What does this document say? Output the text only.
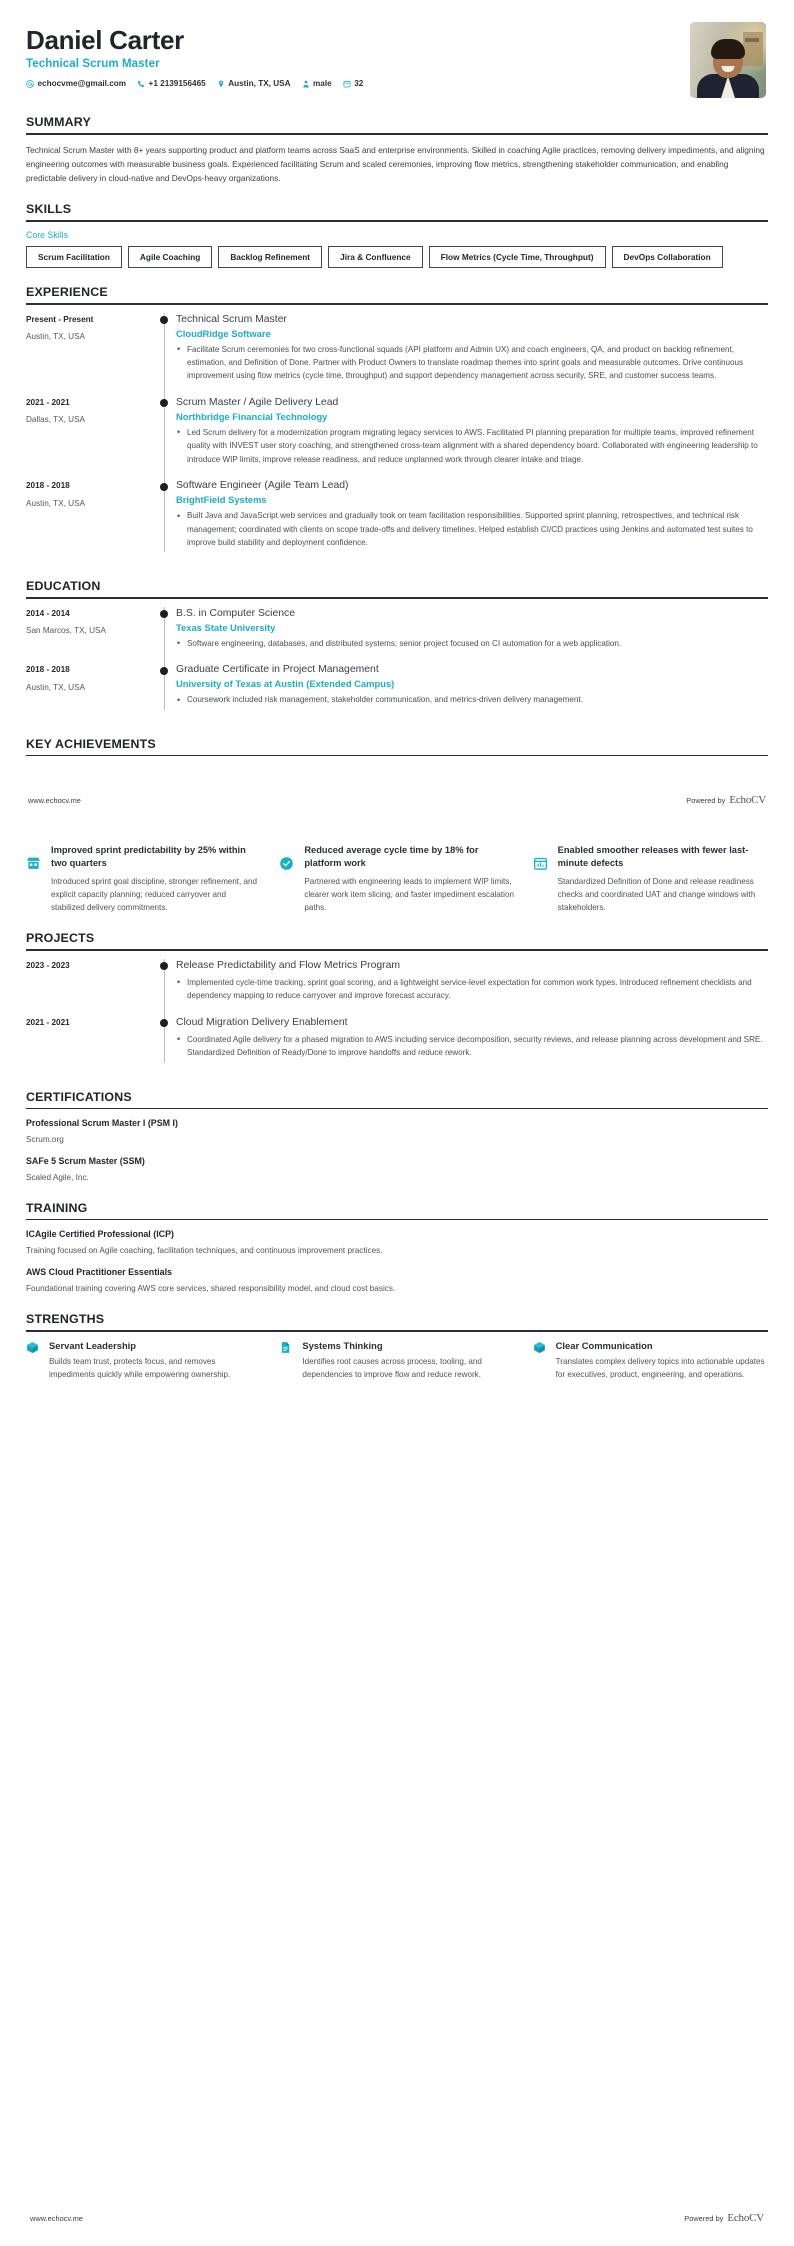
Daniel Carter
Technical Scrum Master
echocvme@gmail.com	+1 2139156465	Austin, TX, USA	male	32
SUMMARY
Technical Scrum Master with 8+ years supporting product and platform teams across SaaS and enterprise environments. Skilled in coaching Agile practices, removing delivery impediments, and aligning engineering outcomes with measurable business goals. Experienced facilitating Scrum and scaled ceremonies, improving flow metrics, strengthening stakeholder communication, and enabling predictable delivery in cloud-native and DevOps-heavy organizations.
SKILLS
Core Skills
Scrum Facilitation	Agile Coaching	Backlog Refinement	Jira & Confluence	Flow Metrics (Cycle Time, Throughput)	DevOps Collaboration
EXPERIENCE
Present - Present
Austin, TX, USA
Technical Scrum Master
CloudRidge Software
• Facilitate Scrum ceremonies for two cross-functional squads (API platform and Admin UX) and coach engineers, QA, and product on backlog refinement, estimation, and Definition of Done. Partner with Product Owners to translate roadmap themes into sprint goals and measurable outcomes. Drive continuous improvement using flow metrics (cycle time, throughput) and support dependency management across security, SRE, and customer success teams.
2021 - 2021
Dallas, TX, USA
Scrum Master / Agile Delivery Lead
Northbridge Financial Technology
• Led Scrum delivery for a modernization program migrating legacy services to AWS. Facilitated PI planning preparation for multiple teams, improved refinement quality with INVEST user story coaching, and strengthened cross-team alignment with a shared dependency board. Collaborated with engineering leadership to introduce WIP limits, improve release readiness, and reduce unplanned work through clearer intake and triage.
2018 - 2018
Austin, TX, USA
Software Engineer (Agile Team Lead)
BrightField Systems
• Built Java and JavaScript web services and gradually took on team facilitation responsibilities. Supported sprint planning, retrospectives, and technical risk management; coordinated with clients on scope trade-offs and delivery timelines. Helped establish CI/CD practices using Jenkins and automated test suites to improve build stability and deployment confidence.
EDUCATION
2014 - 2014
San Marcos, TX, USA
B.S. in Computer Science
Texas State University
• Software engineering, databases, and distributed systems; senior project focused on CI automation for a web application.
2018 - 2018
Austin, TX, USA
Graduate Certificate in Project Management
University of Texas at Austin (Extended Campus)
• Coursework included risk management, stakeholder communication, and metrics-driven delivery management.
KEY ACHIEVEMENTS
www.echocv.me	Powered by EchoCV
Improved sprint predictability by 25% within two quarters
Introduced sprint goal discipline, stronger refinement, and explicit capacity planning; reduced carryover and stabilized delivery commitments.
Reduced average cycle time by 18% for platform work
Partnered with engineering leads to implement WIP limits, clearer work item slicing, and faster impediment escalation paths.
Enabled smoother releases with fewer last-minute defects
Standardized Definition of Done and release readiness checks and coordinated UAT and change windows with stakeholders.
PROJECTS
2023 - 2023	Release Predictability and Flow Metrics Program
• Implemented cycle-time tracking, sprint goal scoring, and a lightweight service-level expectation for common work types. Introduced refinement checklists and dependency mapping to reduce carryover and improve forecast accuracy.
2021 - 2021	Cloud Migration Delivery Enablement
• Coordinated Agile delivery for a phased migration to AWS including service decomposition, security reviews, and release planning across development and SRE. Standardized Definition of Ready/Done to improve handoffs and reduce rework.
CERTIFICATIONS
Professional Scrum Master I (PSM I)
Scrum.org
SAFe 5 Scrum Master (SSM)
Scaled Agile, Inc.
TRAINING
ICAgile Certified Professional (ICP)
Training focused on Agile coaching, facilitation techniques, and continuous improvement practices.
AWS Cloud Practitioner Essentials
Foundational training covering AWS core services, shared responsibility model, and cloud cost basics.
STRENGTHS
Servant Leadership
Builds team trust, protects focus, and removes impediments quickly while empowering ownership.
Systems Thinking
Identifies root causes across process, tooling, and dependencies to improve flow and reduce rework.
Clear Communication
Translates complex delivery topics into actionable updates for executives, product, engineering, and operations.
www.echocv.me	Powered by EchoCV
